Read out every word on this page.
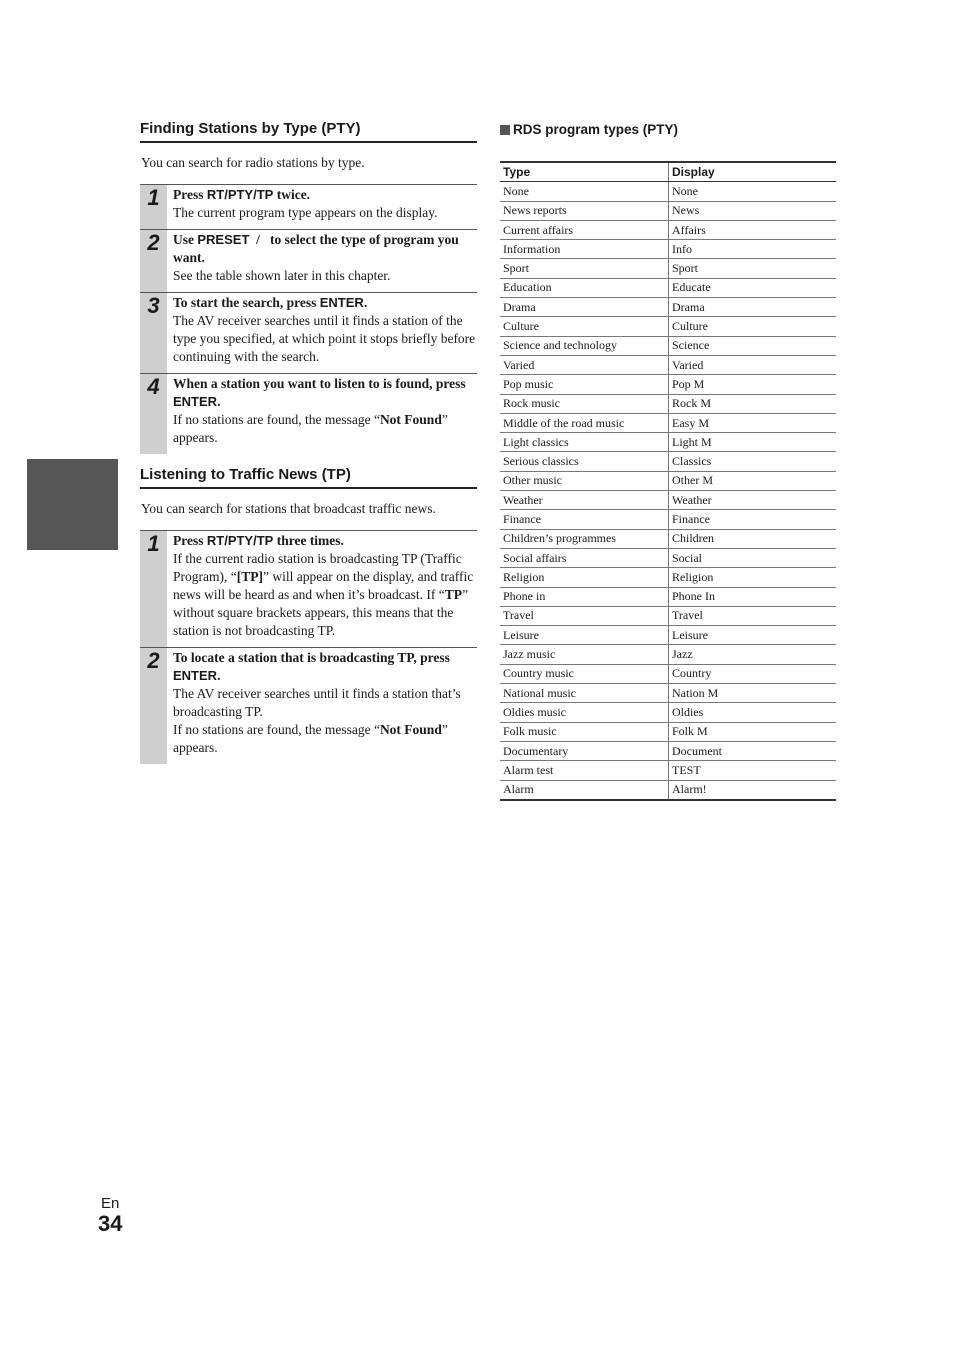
Finding Stations by Type (PTY)
You can search for radio stations by type.
1 Press RT/PTY/TP twice.
The current program type appears on the display.
2 Use PRESET  /   to select the type of program you want.
See the table shown later in this chapter.
3 To start the search, press ENTER.
The AV receiver searches until it finds a station of the type you specified, at which point it stops briefly before continuing with the search.
4 When a station you want to listen to is found, press ENTER.
If no stations are found, the message “Not Found” appears.
Listening to Traffic News (TP)
You can search for stations that broadcast traffic news.
1 Press RT/PTY/TP three times.
If the current radio station is broadcasting TP (Traffic Program), “[TP]” will appear on the display, and traffic news will be heard as and when it’s broadcast. If “TP” without square brackets appears, this means that the station is not broadcasting TP.
2 To locate a station that is broadcasting TP, press ENTER.
The AV receiver searches until it finds a station that’s broadcasting TP.
If no stations are found, the message “Not Found” appears.
RDS program types (PTY)
Type	Display
None	None
News reports	News
Current affairs	Affairs
Information	Info
Sport	Sport
Education	Educate
Drama	Drama
Culture	Culture
Science and technology	Science
Varied	Varied
Pop music	Pop M
Rock music	Rock M
Middle of the road music	Easy M
Light classics	Light M
Serious classics	Classics
Other music	Other M
Weather	Weather
Finance	Finance
Children’s programmes	Children
Social affairs	Social
Religion	Religion
Phone in	Phone In
Travel	Travel
Leisure	Leisure
Jazz music	Jazz
Country music	Country
National music	Nation M
Oldies music	Oldies
Folk music	Folk M
Documentary	Document
Alarm test	TEST
Alarm	Alarm!
En
34
